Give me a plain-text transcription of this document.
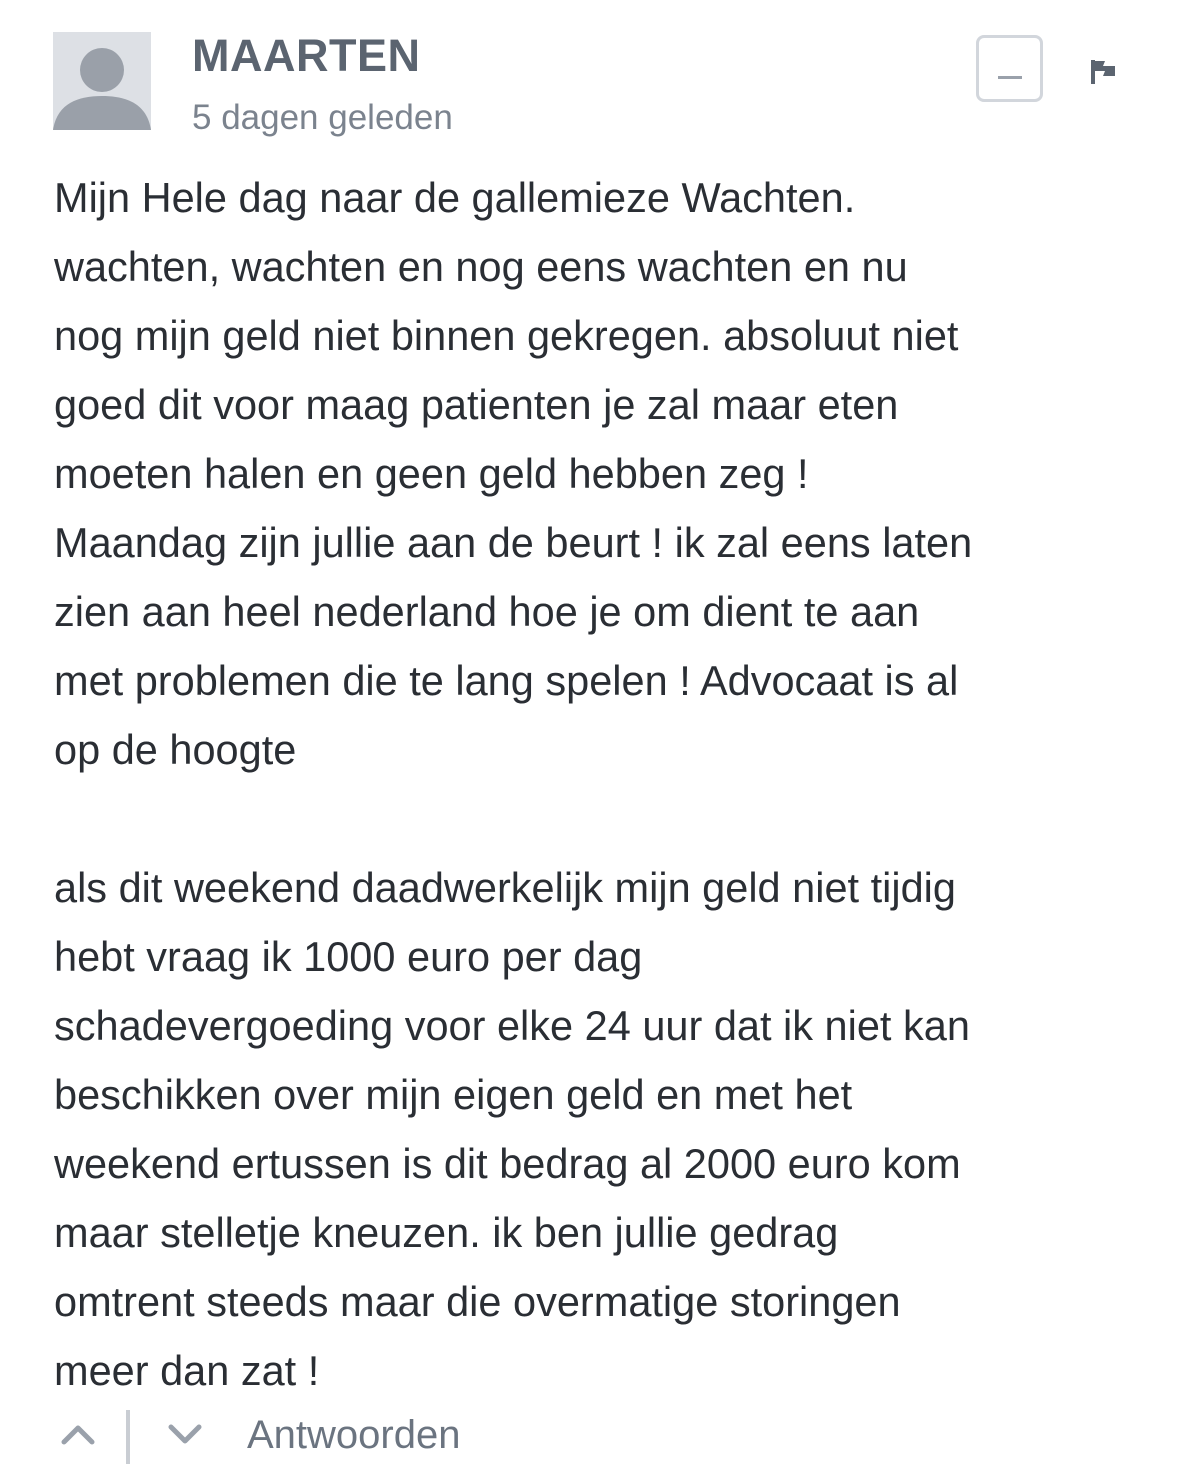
MAARTEN
5 dagen geleden

Mijn Hele dag naar de gallemieze Wachten.
wachten, wachten en nog eens wachten en nu
nog mijn geld niet binnen gekregen. absoluut niet
goed dit voor maag patienten je zal maar eten
moeten halen en geen geld hebben zeg !
Maandag zijn jullie aan de beurt ! ik zal eens laten
zien aan heel nederland hoe je om dient te aan
met problemen die te lang spelen ! Advocaat is al
op de hoogte

als dit weekend daadwerkelijk mijn geld niet tijdig
hebt vraag ik 1000 euro per dag
schadevergoeding voor elke 24 uur dat ik niet kan
beschikken over mijn eigen geld en met het
weekend ertussen is dit bedrag al 2000 euro kom
maar stelletje kneuzen. ik ben jullie gedrag
omtrent steeds maar die overmatige storingen
meer dan zat !

Antwoorden
